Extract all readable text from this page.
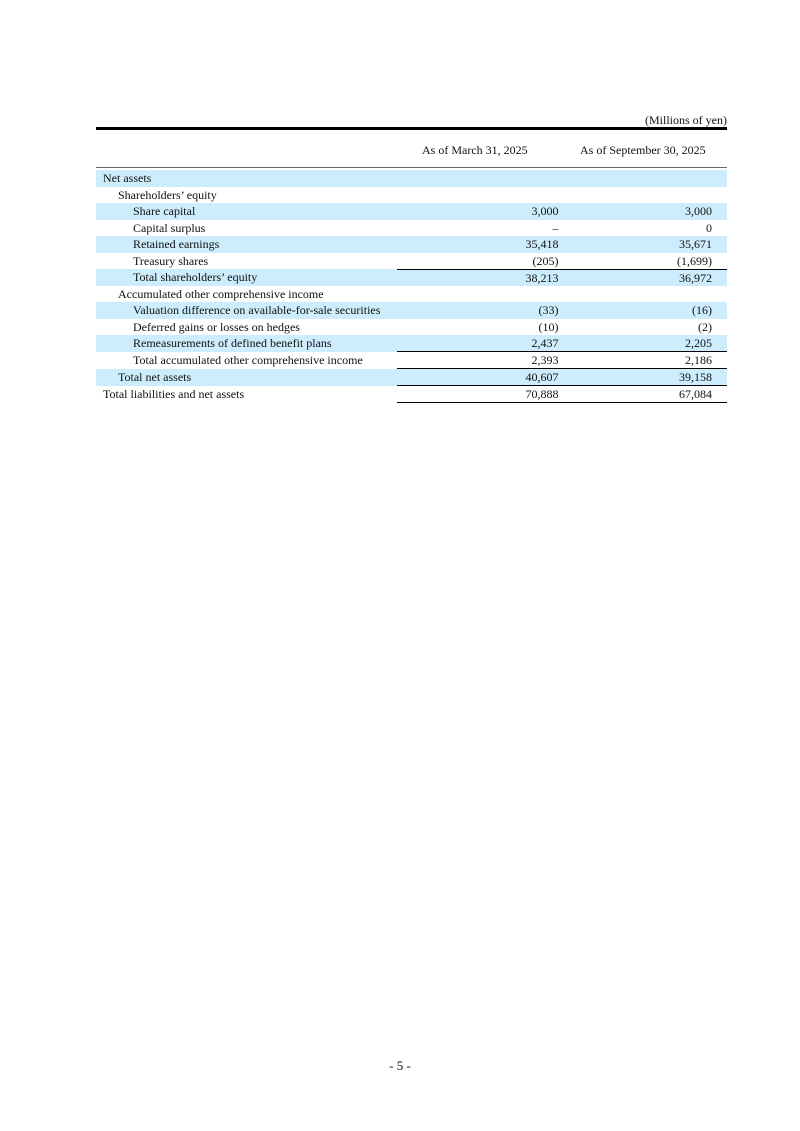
(Millions of yen)
As of March 31, 2025	As of September 30, 2025
Net assets		
Shareholders’ equity		
Share capital	3,000	3,000
Capital surplus	–	0
Retained earnings	35,418	35,671
Treasury shares	(205)	(1,699)
Total shareholders’ equity	38,213	36,972
Accumulated other comprehensive income		
Valuation difference on available-for-sale securities	(33)	(16)
Deferred gains or losses on hedges	(10)	(2)
Remeasurements of defined benefit plans	2,437	2,205
Total accumulated other comprehensive income	2,393	2,186
Total net assets	40,607	39,158
Total liabilities and net assets	70,888	67,084
- 5 -
